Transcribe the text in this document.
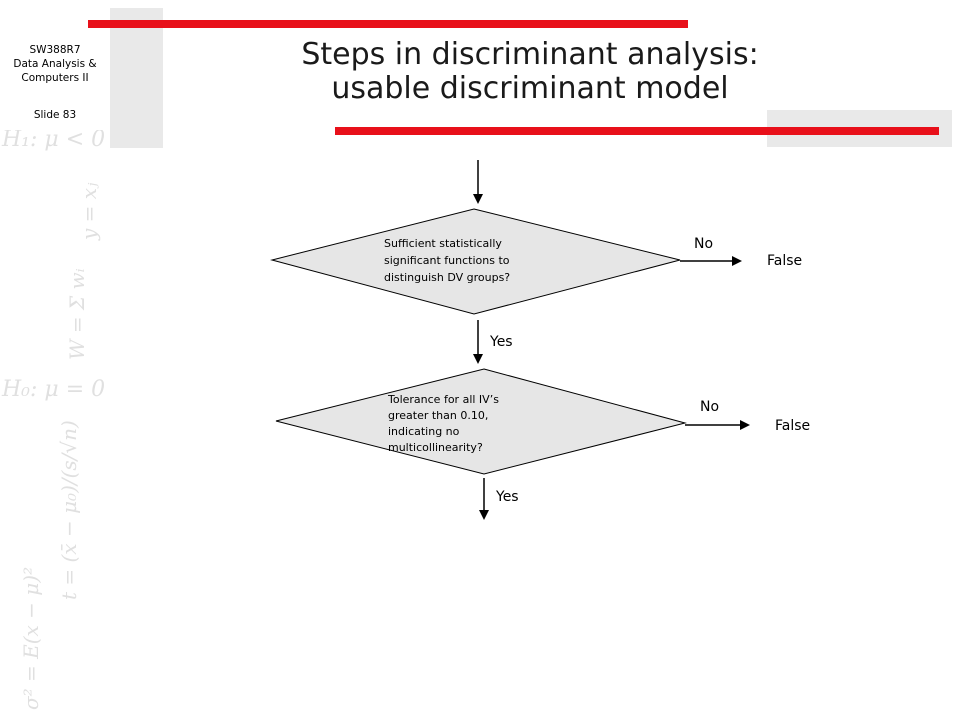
SW388R7
Data Analysis &
Computers II
Slide 83
Steps in discriminant analysis:
usable discriminant model
H₁: μ < 0
H₀: μ = 0
W = Σ wᵢ
y = xⱼ
σ² = E(x − μ)²
t = (x̄ − μ₀)/(s/√n)
Sufficient statistically significant functions to distinguish DV groups?
No
False
Yes
Tolerance for all IV’s greater than 0.10, indicating no multicollinearity?
No
False
Yes
